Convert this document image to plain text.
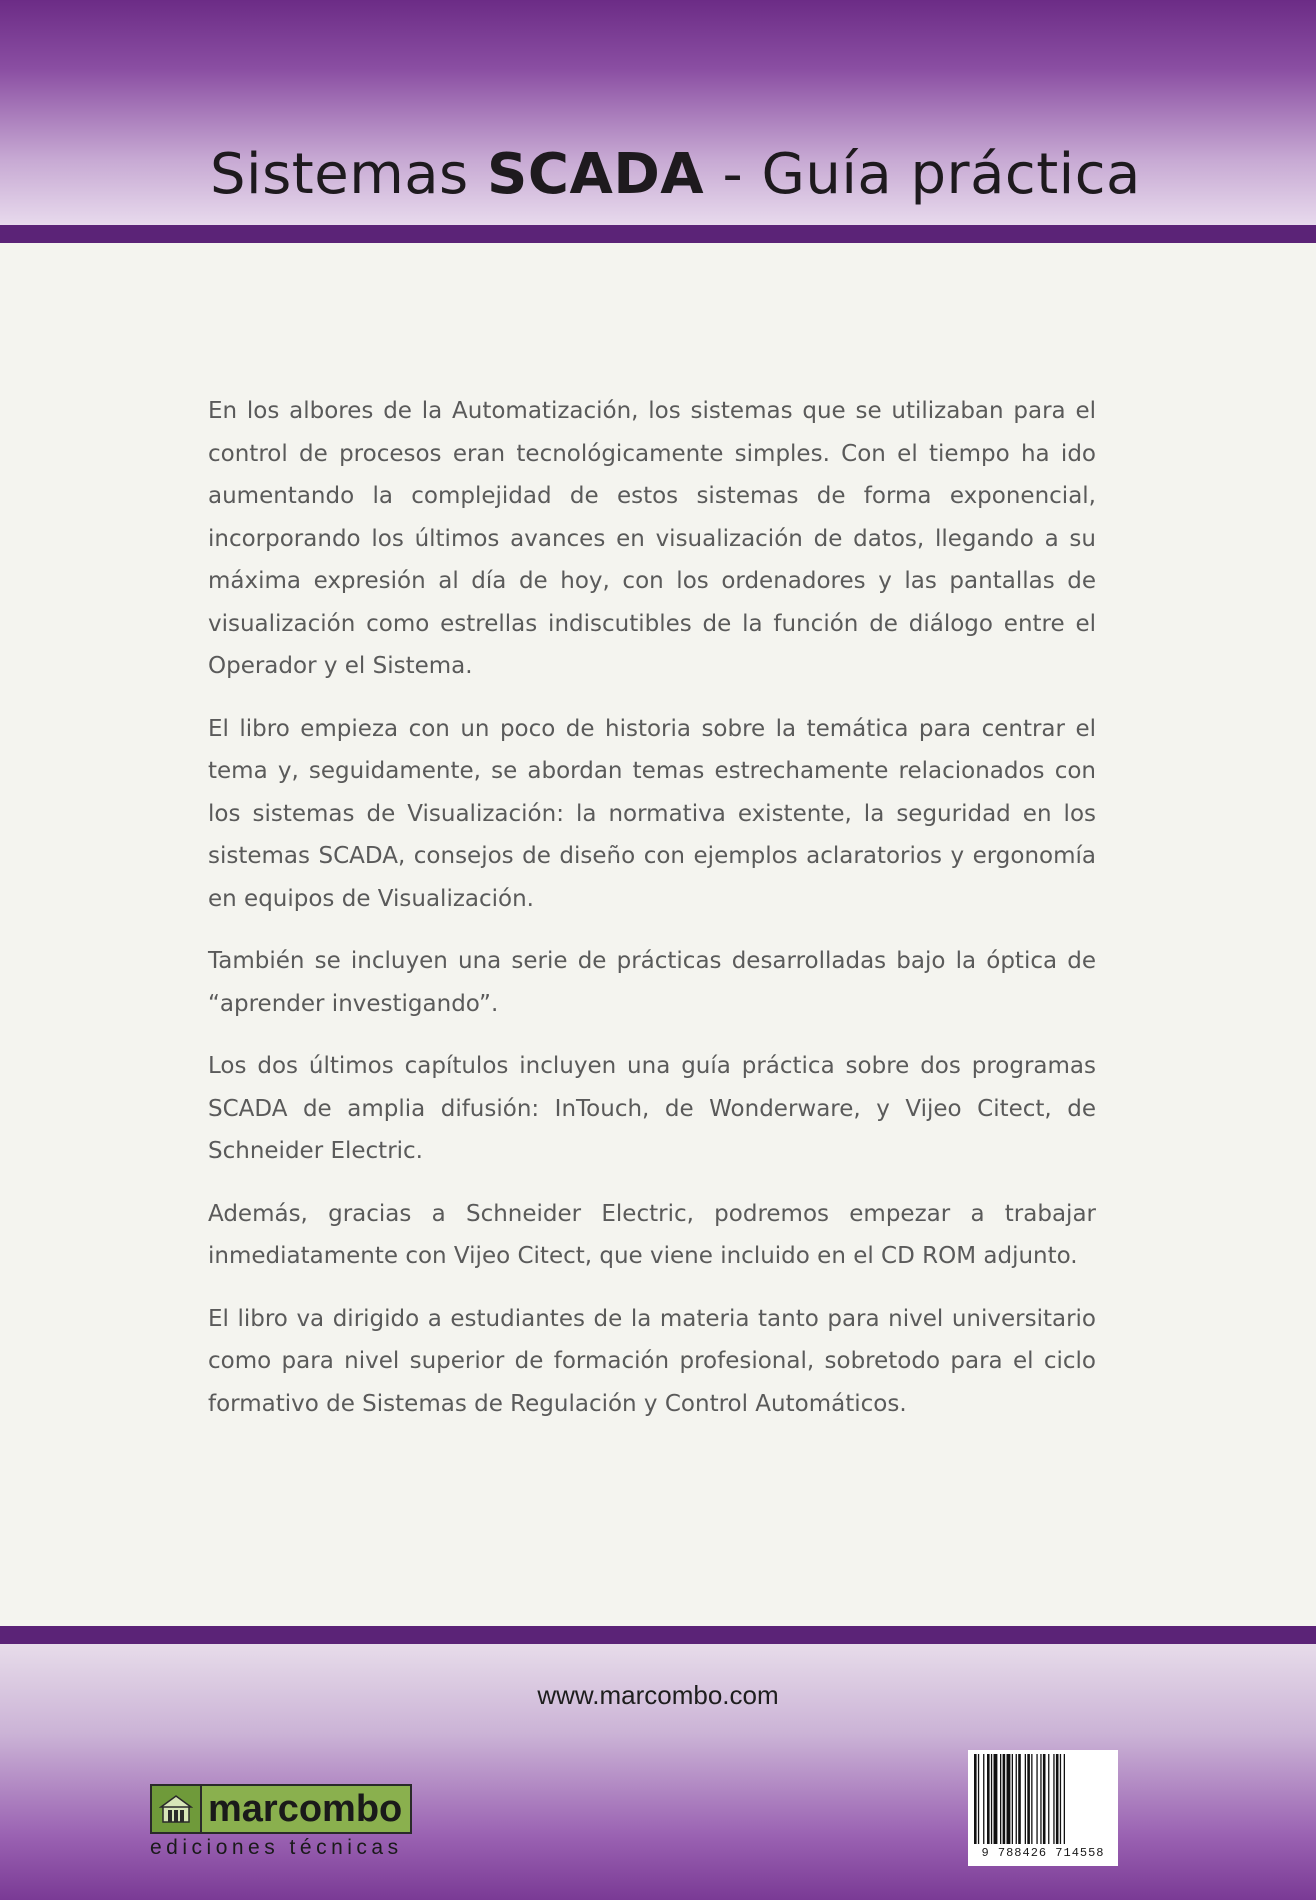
Sistemas SCADA - Guía práctica

En los albores de la Automatización, los sistemas que se utilizaban para el control de procesos eran tecnológicamente simples. Con el tiempo ha ido aumentando la complejidad de estos sistemas de forma exponencial, incorporando los últimos avances en visualización de datos, llegando a su máxima expresión al día de hoy, con los ordenadores y las pantallas de visualización como estrellas indiscutibles de la función de diálogo entre el Operador y el Sistema.

El libro empieza con un poco de historia sobre la temática para centrar el tema y, seguidamente, se abordan temas estrechamente relacionados con los sistemas de Visualización: la normativa existente, la seguridad en los sistemas SCADA, consejos de diseño con ejemplos aclaratorios y ergonomía en equipos de Visualización.

También se incluyen una serie de prácticas desarrolladas bajo la óptica de “aprender investigando”.

Los dos últimos capítulos incluyen una guía práctica sobre dos programas SCADA de amplia difusión: InTouch, de Wonderware, y Vijeo Citect, de Schneider Electric.

Además, gracias a Schneider Electric, podremos empezar a trabajar inmediatamente con Vijeo Citect, que viene incluido en el CD ROM adjunto.

El libro va dirigido a estudiantes de la materia tanto para nivel universitario como para nivel superior de formación profesional, sobretodo para el ciclo formativo de Sistemas de Regulación y Control Automáticos.

www.marcombo.com
marcombo
ediciones técnicas	9 788426 714558
